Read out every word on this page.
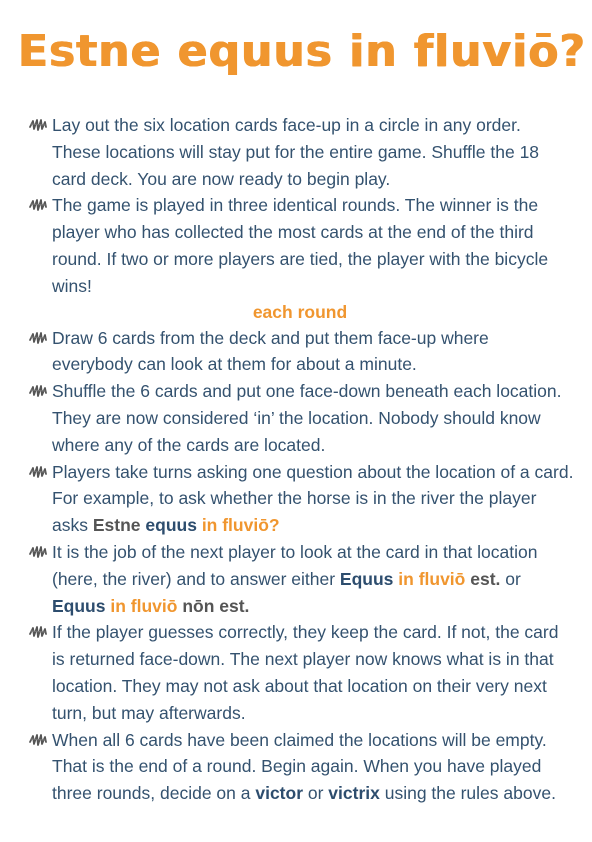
Estne equus in fluviō?
Lay out the six location cards face-up in a circle in any order. These locations will stay put for the entire game. Shuffle the 18 card deck. You are now ready to begin play.
The game is played in three identical rounds. The winner is the player who has collected the most cards at the end of the third round. If two or more players are tied, the player with the bicycle wins!
each round
Draw 6 cards from the deck and put them face-up where everybody can look at them for about a minute.
Shuffle the 6 cards and put one face-down beneath each location. They are now considered ‘in’ the location. Nobody should know where any of the cards are located.
Players take turns asking one question about the location of a card. For example, to ask whether the horse is in the river the player asks Estne equus in fluviō?
It is the job of the next player to look at the card in that location (here, the river) and to answer either Equus in fluviō est. or Equus in fluviō nōn est.
If the player guesses correctly, they keep the card. If not, the card is returned face-down. The next player now knows what is in that location. They may not ask about that location on their very next turn, but may afterwards.
When all 6 cards have been claimed the locations will be empty. That is the end of a round. Begin again. When you have played three rounds, decide on a victor or victrix using the rules above.
